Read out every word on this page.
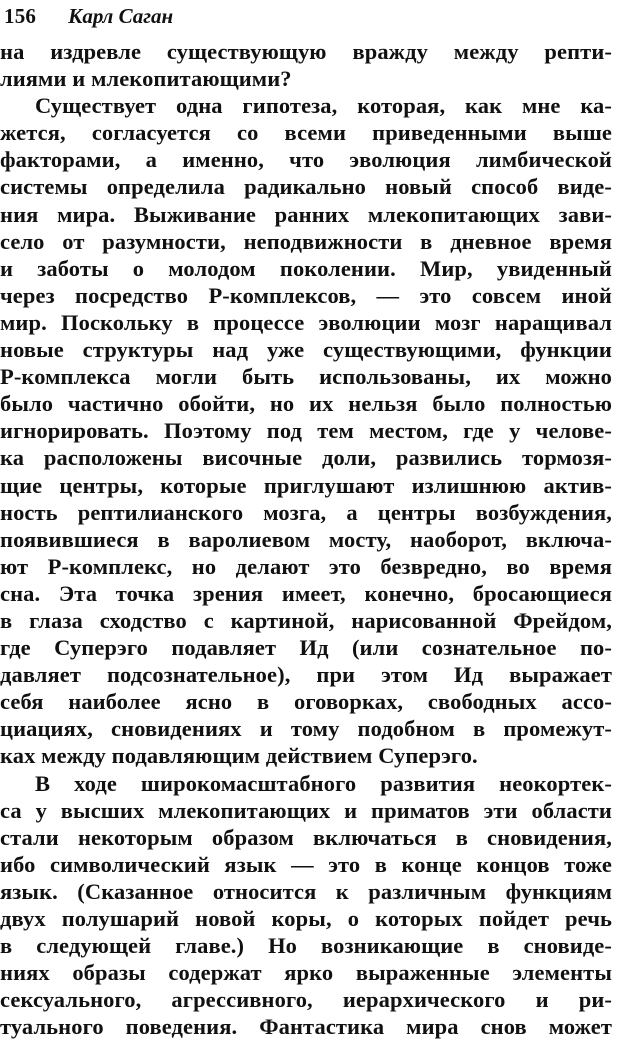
156 Карл Саган
на издревле существующую вражду между репти-
лиями и млекопитающими?
Существует одна гипотеза, которая, как мне ка-
жется, согласуется со всеми приведенными выше
факторами, а именно, что эволюция лимбической
системы определила радикально новый способ виде-
ния мира. Выживание ранних млекопитающих зави-
село от разумности, неподвижности в дневное время
и заботы о молодом поколении. Мир, увиденный
через посредство Р-комплексов, — это совсем иной
мир. Поскольку в процессе эволюции мозг наращивал
новые структуры над уже существующими, функции
Р-комплекса могли быть использованы, их можно
было частично обойти, но их нельзя было полностью
игнорировать. Поэтому под тем местом, где у челове-
ка расположены височные доли, развились тормозя-
щие центры, которые приглушают излишнюю актив-
ность рептилианского мозга, а центры возбуждения,
появившиеся в варолиевом мосту, наоборот, включа-
ют Р-комплекс, но делают это безвредно, во время
сна. Эта точка зрения имеет, конечно, бросающиеся
в глаза сходство с картиной, нарисованной Фрейдом,
где Суперэго подавляет Ид (или сознательное по-
давляет подсознательное), при этом Ид выражает
себя наиболее ясно в оговорках, свободных ассо-
циациях, сновидениях и тому подобном в промежут-
ках между подавляющим действием Суперэго.
В ходе широкомасштабного развития неокортек-
са у высших млекопитающих и приматов эти области
стали некоторым образом включаться в сновидения,
ибо символический язык — это в конце концов тоже
язык. (Сказанное относится к различным функциям
двух полушарий новой коры, о которых пойдет речь
в следующей главе.) Но возникающие в сновиде-
ниях образы содержат ярко выраженные элементы
сексуального, агрессивного, иерархического и ри-
туального поведения. Фантастика мира снов может
